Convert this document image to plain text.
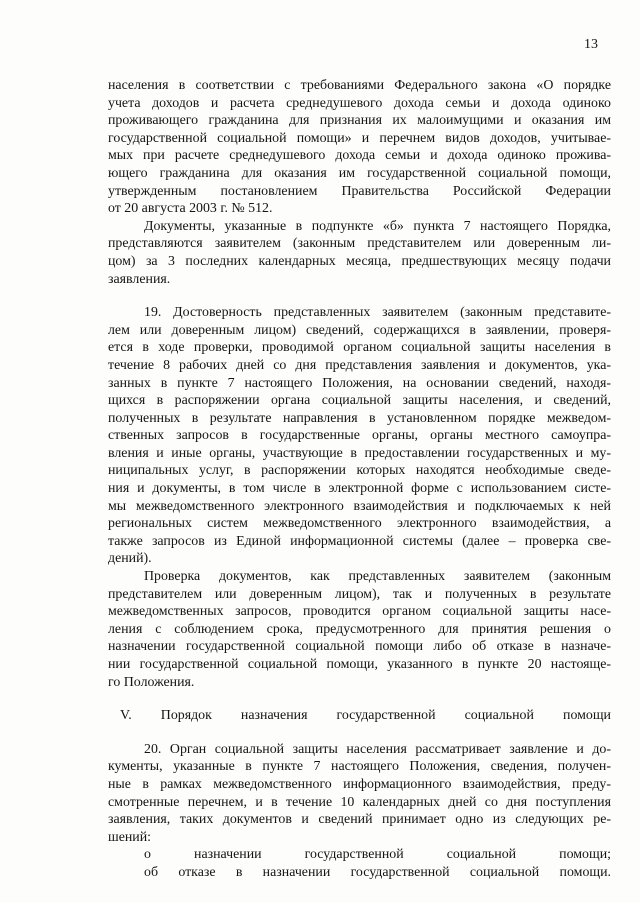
13
населения в соответствии с требованиями Федерального закона «О порядке
учета доходов и расчета среднедушевого дохода семьи и дохода одиноко
проживающего гражданина для признания их малоимущими и оказания им
государственной социальной помощи» и перечнем видов доходов, учитывае-
мых при расчете среднедушевого дохода семьи и дохода одиноко прожива-
ющего гражданина для оказания им государственной социальной помощи,
утвержденным постановлением Правительства Российской Федерации
от 20 августа 2003 г. № 512.
Документы, указанные в подпункте «б» пункта 7 настоящего Порядка,
представляются заявителем (законным представителем или доверенным ли-
цом) за 3 последних календарных месяца, предшествующих месяцу подачи
заявления.
19. Достоверность представленных заявителем (законным представите-
лем или доверенным лицом) сведений, содержащихся в заявлении, проверя-
ется в ходе проверки, проводимой органом социальной защиты населения в
течение 8 рабочих дней со дня представления заявления и документов, ука-
занных в пункте 7 настоящего Положения, на основании сведений, находя-
щихся в распоряжении органа социальной защиты населения, и сведений,
полученных в результате направления в установленном порядке межведом-
ственных запросов в государственные органы, органы местного самоупра-
вления и иные органы, участвующие в предоставлении государственных и му-
ниципальных услуг, в распоряжении которых находятся необходимые сведе-
ния и документы, в том числе в электронной форме с использованием систе-
мы межведомственного электронного взаимодействия и подключаемых к ней
региональных систем межведомственного электронного взаимодействия, а
также запросов из Единой информационной системы (далее – проверка све-
дений).
Проверка документов, как представленных заявителем (законным
представителем или доверенным лицом), так и полученных в результате
межведомственных запросов, проводится органом социальной защиты насе-
ления с соблюдением срока, предусмотренного для принятия решения о
назначении государственной социальной помощи либо об отказе в назначе-
нии государственной социальной помощи, указанного в пункте 20 настояще-
го Положения.

V. Порядок назначения государственной социальной помощи

20. Орган социальной защиты населения рассматривает заявление и до-
кументы, указанные в пункте 7 настоящего Положения, сведения, получен-
ные в рамках межведомственного информационного взаимодействия, преду-
смотренные перечнем, и в течение 10 календарных дней со дня поступления
заявления, таких документов и сведений принимает одно из следующих ре-
шений:

о назначении государственной социальной помощи;

об отказе в назначении государственной социальной помощи.
